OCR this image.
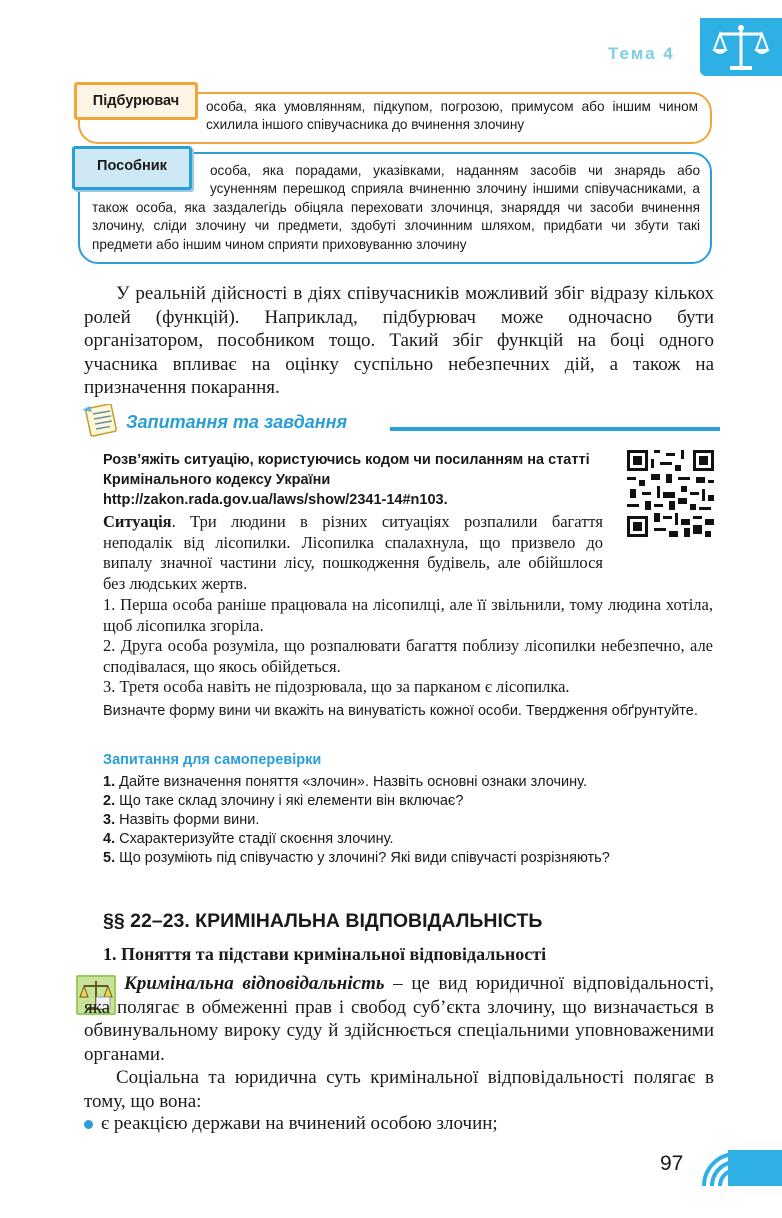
Тема 4
Підбурювач	особа, яка умовлянням, підкупом, погрозою, примусом або іншим чином схилила іншого співучасника до вчинення злочину
Пособник	особа, яка порадами, указівками, наданням засобів чи знарядь або усуненням перешкод сприяла вчиненню злочину іншими співучасниками, а також особа, яка заздалегідь обіцяла переховати злочинця, знаряддя чи засоби вчинення злочину, сліди злочину чи предмети, здобуті злочинним шляхом, придбати чи збути такі предмети або іншим чином сприяти приховуванню злочину

У реальній дійсності в діях співучасників можливий збіг відразу кількох ролей (функцій). Наприклад, підбурювач може одночасно бути організатором, пособником тощо. Такий збіг функцій на боці одного учасника впливає на оцінку суспільно небезпечних дій, а також на призначення покарання.

Запитання та завдання
Розв’яжіть ситуацію, користуючись кодом чи посиланням на статті Кримінального кодексу України http://zakon.rada.gov.ua/laws/show/2341-14#n103.

Ситуація. Три людини в різних ситуаціях розпалили багаття неподалік від лісопилки. Лісопилка спалахнула, що призвело до випалу значної частини лісу, пошкодження будівель, але обійшлося без людських жертв.

1. Перша особа раніше працювала на лісопилці, але її звільнили, тому людина хотіла, щоб лісопилка згоріла.

2. Друга особа розуміла, що розпалювати багаття поблизу лісопилки небезпечно, але сподівалася, що якось обійдеться.

3. Третя особа навіть не підозрювала, що за парканом є лісопилка.

Визначте форму вини чи вкажіть на винуватість кожної особи. Твердження обґрунтуйте.

Запитання для самоперевірки
1. Дайте визначення поняття «злочин». Назвіть основні ознаки злочину.
2. Що таке склад злочину і які елементи він включає?
3. Назвіть форми вини.
4. Схарактеризуйте стадії скоєння злочину.
5. Що розуміють під співучастю у злочині? Які види співучасті розрізняють?
§§ 22–23. КРИМІНАЛЬНА ВІДПОВІДАЛЬНІСТЬ
1. Поняття та підстави кримінальної відповідальності

Кримінальна відповідальність – це вид юридичної відповідальності, яка полягає в обмеженні прав і свобод суб’єкта злочину, що визначається в обвинувальному вироку суду й здійснюється спеціальними уповноваженими органами.

Соціальна та юридична суть кримінальної відповідальності полягає в тому, що вона:

є реакцією держави на вчинений особою злочин;
97
